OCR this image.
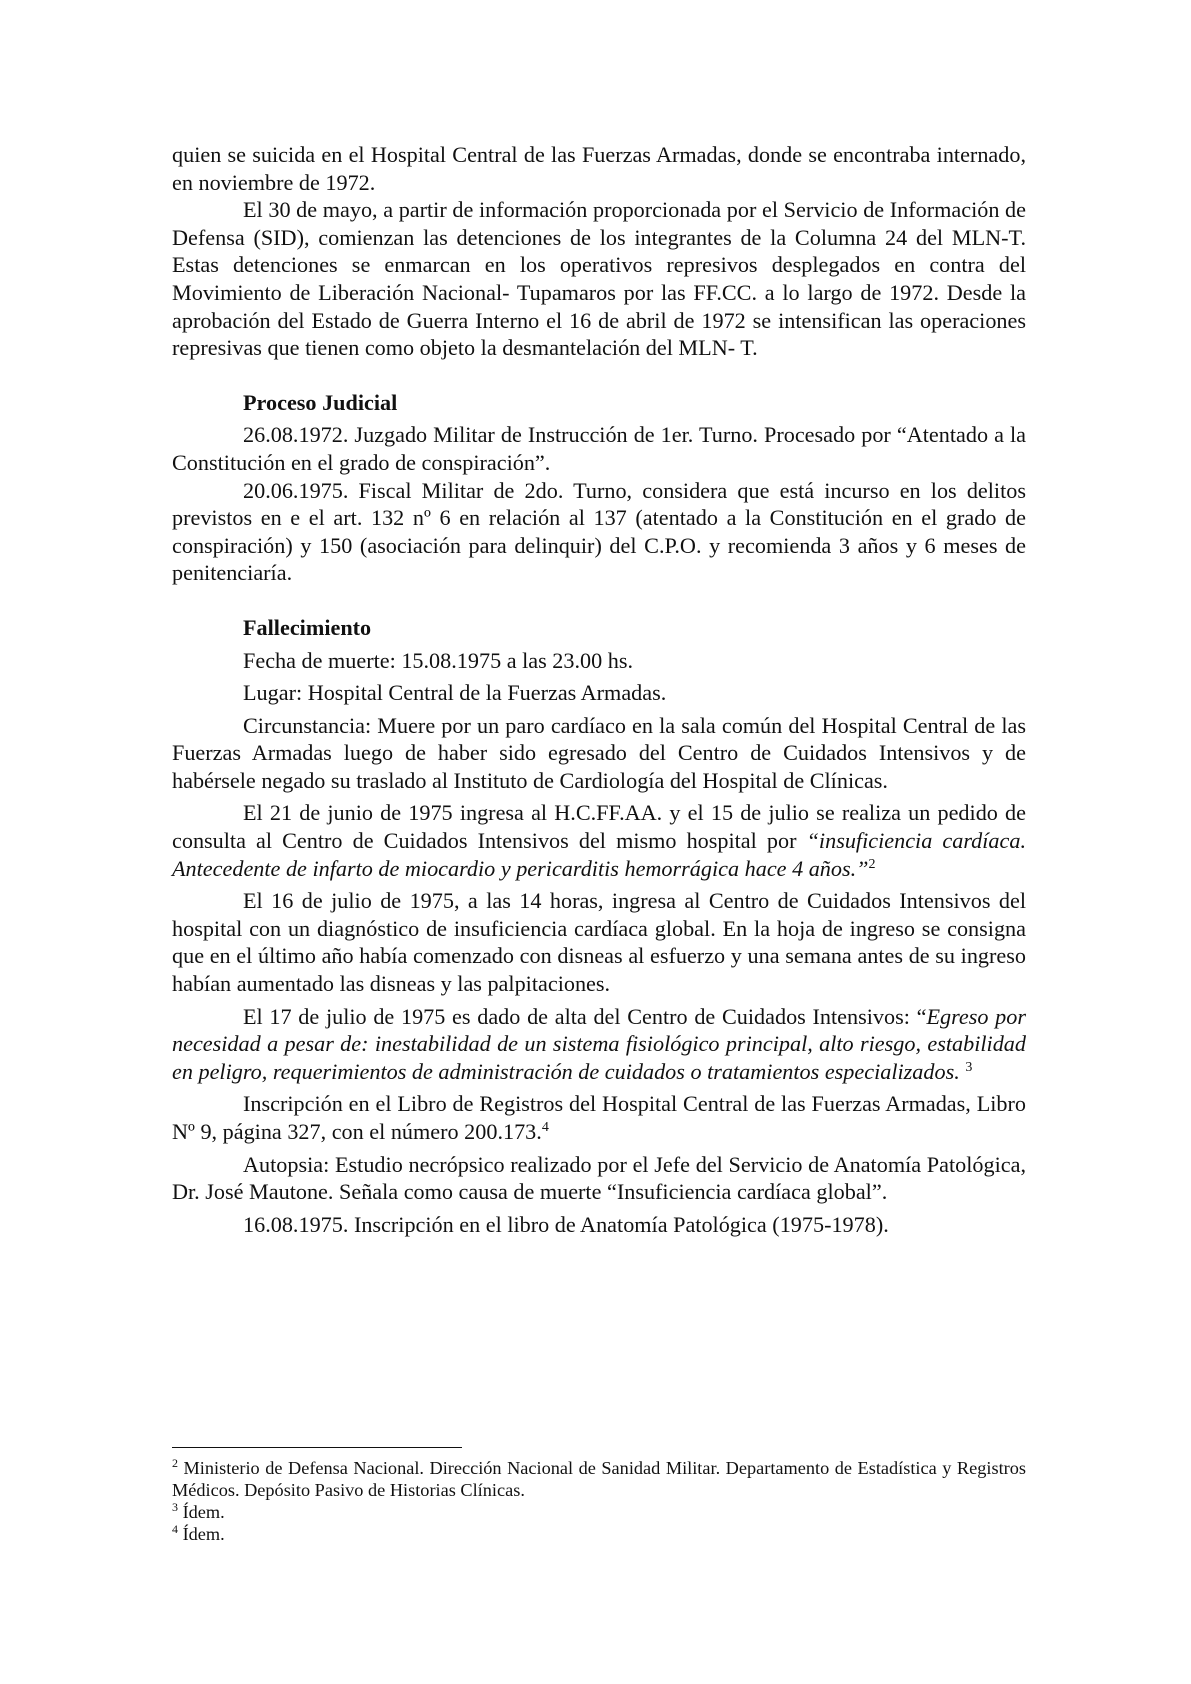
quien se suicida en el Hospital Central de las Fuerzas Armadas, donde se encontraba internado, en noviembre de 1972.

El 30 de mayo, a partir de información proporcionada por el Servicio de Información de Defensa (SID), comienzan las detenciones de los integrantes de la Columna 24 del MLN-T. Estas detenciones se enmarcan en los operativos represivos desplegados en contra del Movimiento de Liberación Nacional- Tupamaros por las FF.CC. a lo largo de 1972. Desde la aprobación del Estado de Guerra Interno el 16 de abril de 1972 se intensifican las operaciones represivas que tienen como objeto la desmantelación del MLN- T.

Proceso Judicial

26.08.1972. Juzgado Militar de Instrucción de 1er. Turno. Procesado por “Atentado a la Constitución en el grado de conspiración”.

20.06.1975. Fiscal Militar de 2do. Turno, considera que está incurso en los delitos previstos en e el art. 132 nº 6 en relación al 137 (atentado a la Constitución en el grado de conspiración) y 150 (asociación para delinquir) del C.P.O. y recomienda 3 años y 6 meses de penitenciaría.

Fallecimiento

Fecha de muerte: 15.08.1975 a las 23.00 hs.

Lugar: Hospital Central de la Fuerzas Armadas.

Circunstancia: Muere por un paro cardíaco en la sala común del Hospital Central de las Fuerzas Armadas luego de haber sido egresado del Centro de Cuidados Intensivos y de habérsele negado su traslado al Instituto de Cardiología del Hospital de Clínicas.

El 21 de junio de 1975 ingresa al H.C.FF.AA. y el 15 de julio se realiza un pedido de consulta al Centro de Cuidados Intensivos del mismo hospital por “insuficiencia cardíaca. Antecedente de infarto de miocardio y pericarditis hemorrágica hace 4 años.”$^2$

El 16 de julio de 1975, a las 14 horas, ingresa al Centro de Cuidados Intensivos del hospital con un diagnóstico de insuficiencia cardíaca global. En la hoja de ingreso se consigna que en el último año había comenzado con disneas al esfuerzo y una semana antes de su ingreso habían aumentado las disneas y las palpitaciones.

El 17 de julio de 1975 es dado de alta del Centro de Cuidados Intensivos: “Egreso por necesidad a pesar de: inestabilidad de un sistema fisiológico principal, alto riesgo, estabilidad en peligro, requerimientos de administración de cuidados o tratamientos especializados. $^3$

Inscripción en el Libro de Registros del Hospital Central de las Fuerzas Armadas, Libro Nº 9, página 327, con el número 200.173.$^4$

Autopsia: Estudio necrópsico realizado por el Jefe del Servicio de Anatomía Patológica, Dr. José Mautone. Señala como causa de muerte “Insuficiencia cardíaca global”.

16.08.1975. Inscripción en el libro de Anatomía Patológica (1975-1978).

$^2$ Ministerio de Defensa Nacional. Dirección Nacional de Sanidad Militar. Departamento de Estadística y Registros Médicos. Depósito Pasivo de Historias Clínicas.

$^3$ Ídem.

$^4$ Ídem.
